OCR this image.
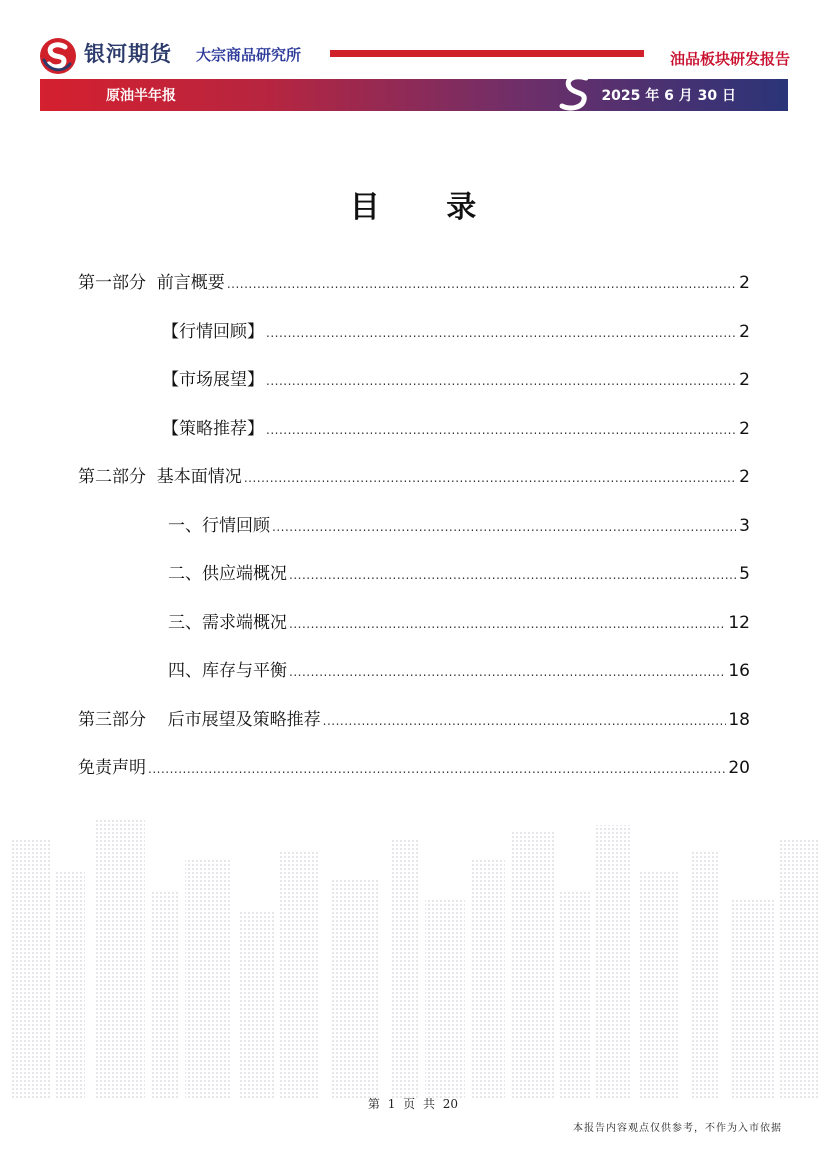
银河期货 大宗商品研究所	油品板块研发报告
原油半年报	2025 年 6 月 30 日
目 录
第一部分  前言概要 .....	2
【行情回顾】 .....	2
【市场展望】 .....	2
【策略推荐】 .....	2
第二部分  基本面情况 .....	2
一、行情回顾 .....	3
二、供应端概况 .....	5
三、需求端概况 .....	12
四、库存与平衡 .....	16
第三部分    后市展望及策略推荐 .....	18
免责声明 .....	20
第 1 页 共 20
本报告内容观点仅供参考，不作为入市依据
